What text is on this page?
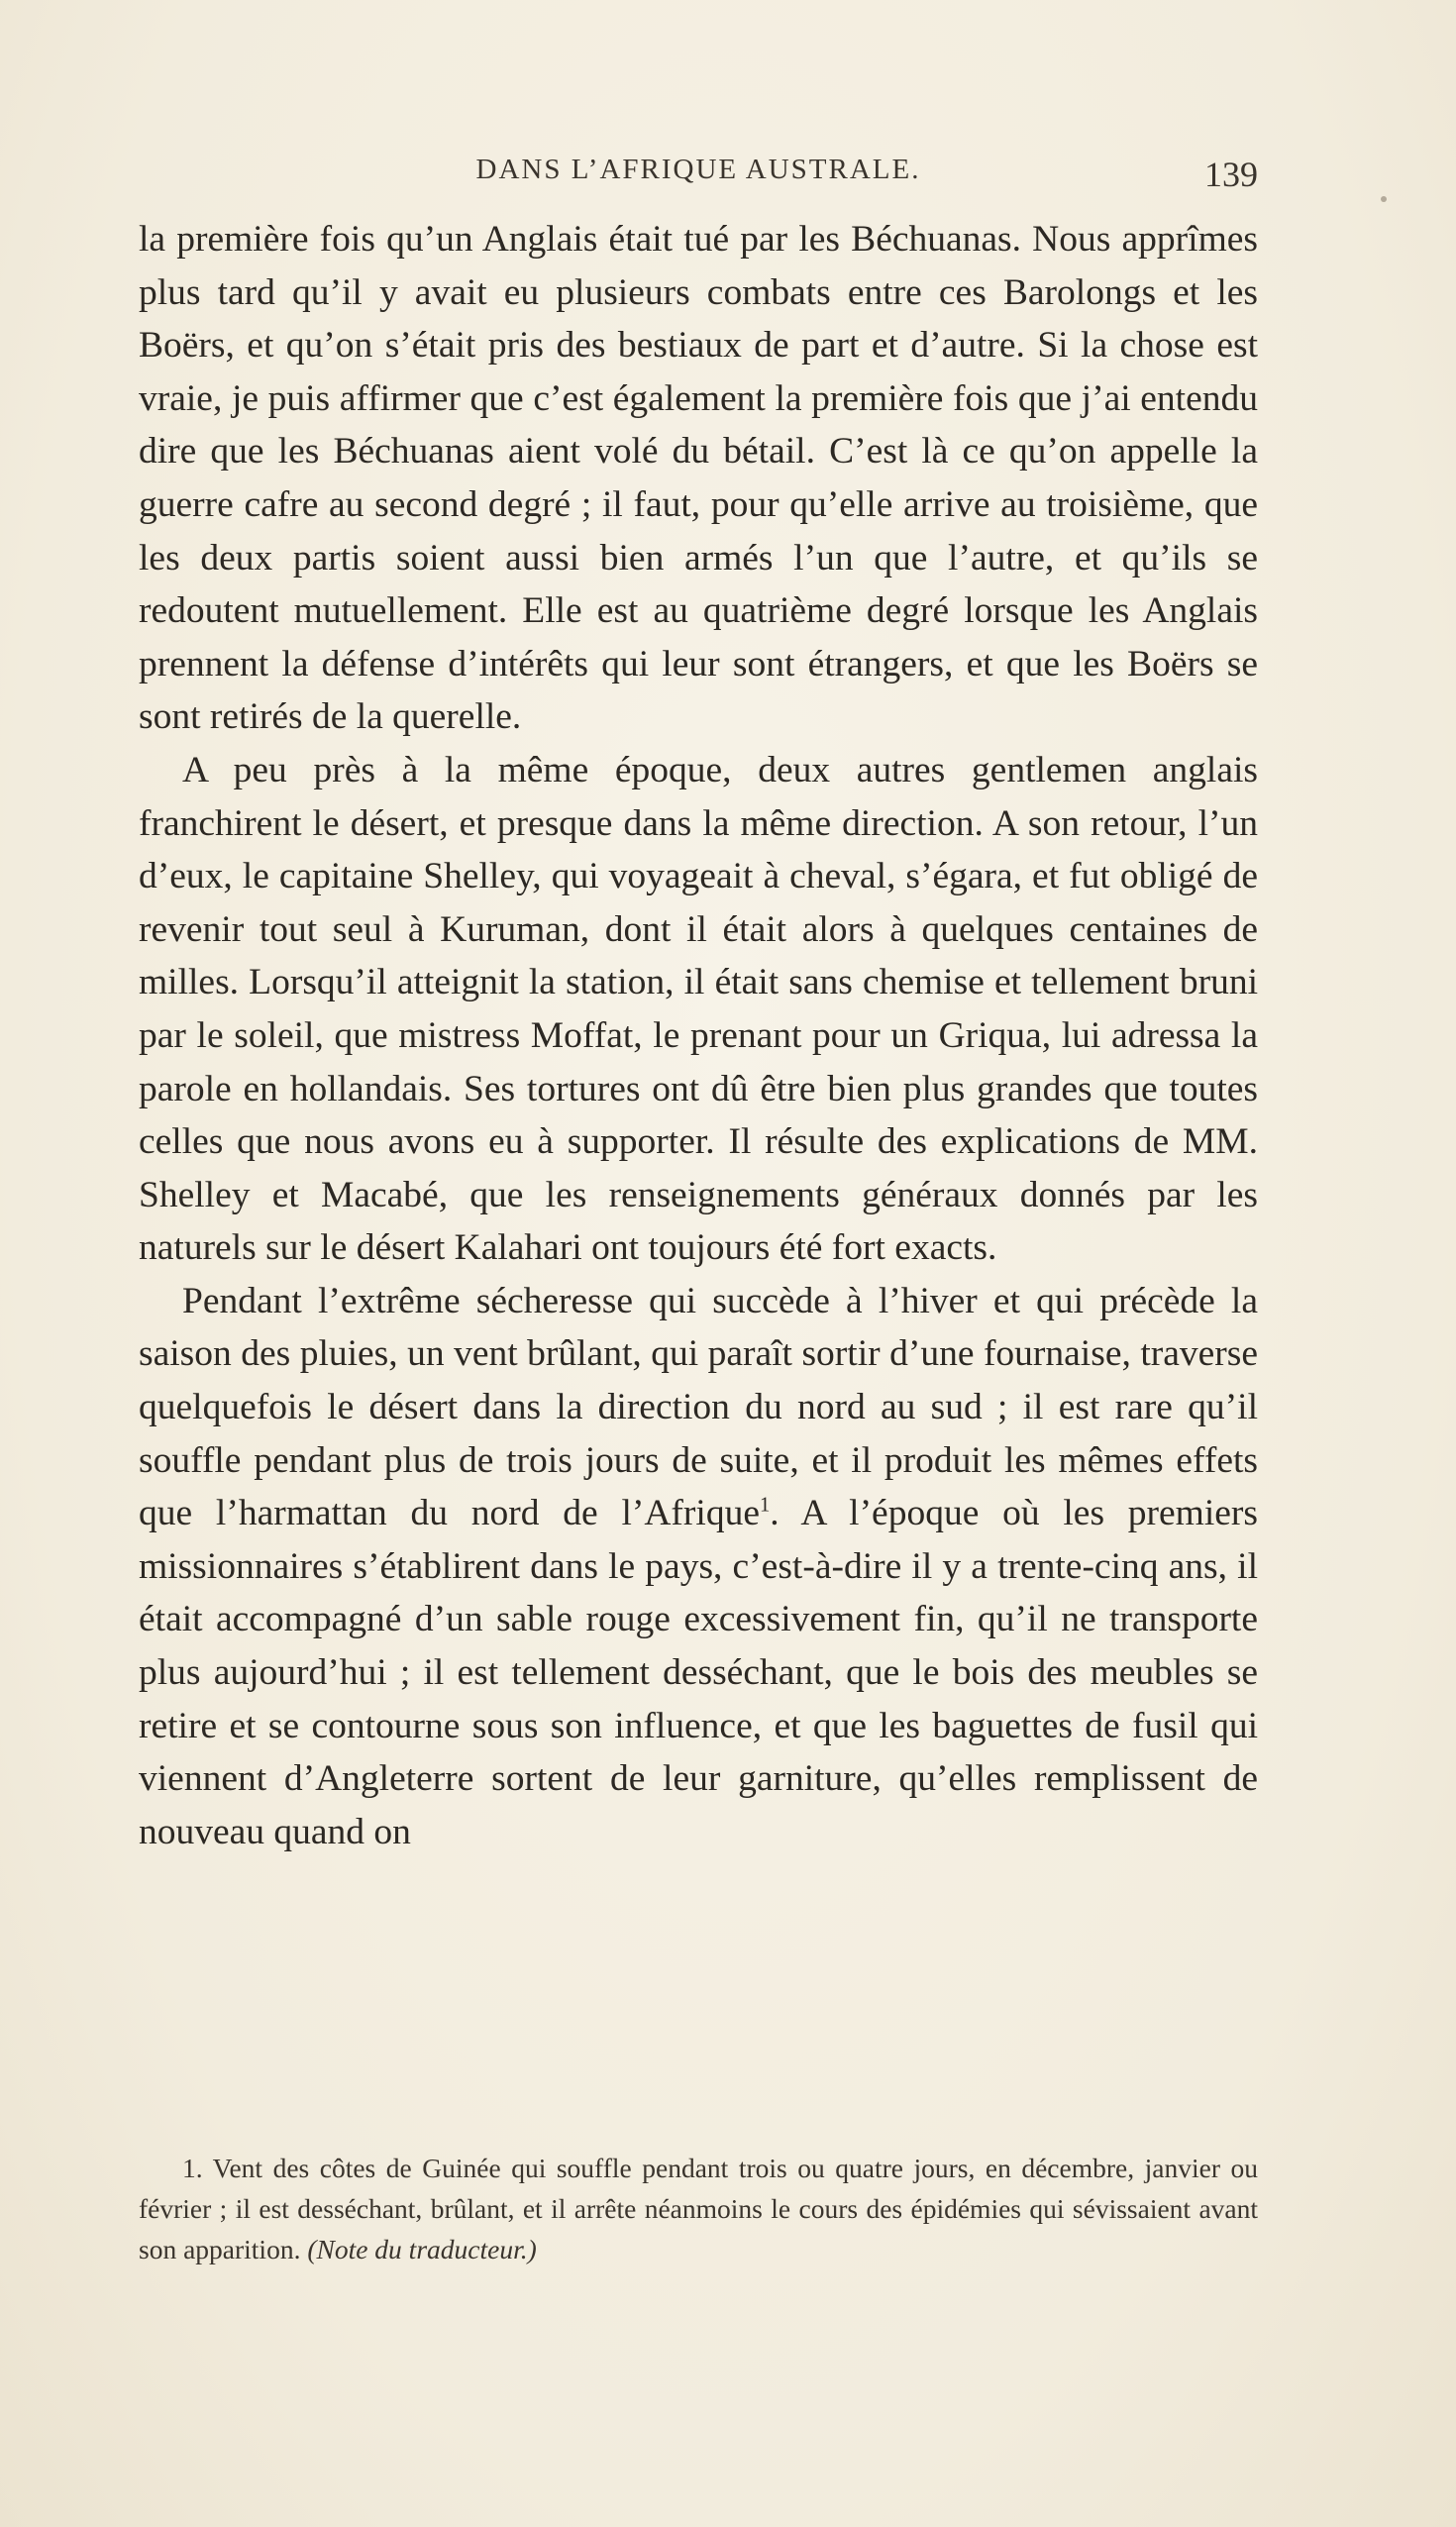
DANS L’AFRIQUE AUSTRALE.	139

la première fois qu’un Anglais était tué par les Béchuanas. Nous apprîmes plus tard qu’il y avait eu plusieurs combats entre ces Barolongs et les Boërs, et qu’on s’était pris des bestiaux de part et d’autre. Si la chose est vraie, je puis affirmer que c’est également la première fois que j’ai entendu dire que les Béchuanas aient volé du bétail. C’est là ce qu’on appelle la guerre cafre au second degré ; il faut, pour qu’elle arrive au troisième, que les deux partis soient aussi bien armés l’un que l’autre, et qu’ils se redoutent mutuellement. Elle est au quatrième degré lorsque les Anglais prennent la défense d’intérêts qui leur sont étrangers, et que les Boërs se sont retirés de la querelle.

A peu près à la même époque, deux autres gentlemen anglais franchirent le désert, et presque dans la même direction. A son retour, l’un d’eux, le capitaine Shelley, qui voyageait à cheval, s’égara, et fut obligé de revenir tout seul à Kuruman, dont il était alors à quelques centaines de milles. Lorsqu’il atteignit la station, il était sans chemise et tellement bruni par le soleil, que mistress Moffat, le prenant pour un Griqua, lui adressa la parole en hollandais. Ses tortures ont dû être bien plus grandes que toutes celles que nous avons eu à supporter. Il résulte des explications de MM. Shelley et Macabé, que les renseignements généraux donnés par les naturels sur le désert Kalahari ont toujours été fort exacts.

Pendant l’extrême sécheresse qui succède à l’hiver et qui précède la saison des pluies, un vent brûlant, qui paraît sortir d’une fournaise, traverse quelquefois le désert dans la direction du nord au sud ; il est rare qu’il souffle pendant plus de trois jours de suite, et il produit les mêmes effets que l’harmattan du nord de l’Afrique$^1$. A l’époque où les premiers missionnaires s’établirent dans le pays, c’est-à-dire il y a trente-cinq ans, il était accompagné d’un sable rouge excessivement fin, qu’il ne transporte plus aujourd’hui ; il est tellement desséchant, que le bois des meubles se retire et se contourne sous son influence, et que les baguettes de fusil qui viennent d’Angleterre sortent de leur garniture, qu’elles remplissent de nouveau quand on

1. Vent des côtes de Guinée qui souffle pendant trois ou quatre jours, en décembre, janvier ou février ; il est desséchant, brûlant, et il arrête néanmoins le cours des épidémies qui sévissaient avant son apparition. (Note du traducteur.)
